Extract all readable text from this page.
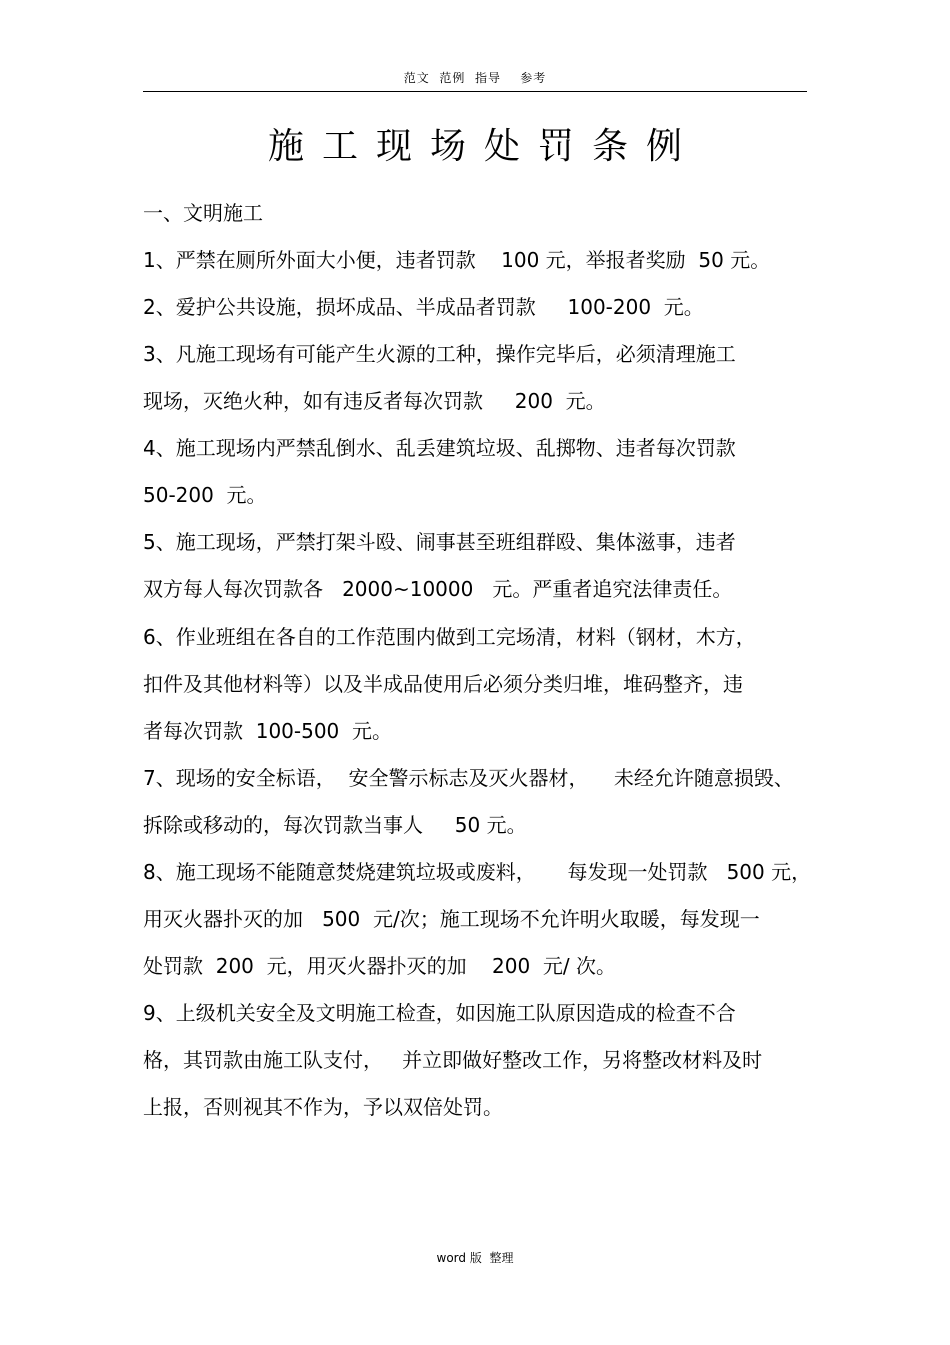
范文  范例  指导    参考
施工现场处罚条例
一、文明施工
1、严禁在厕所外面大小便，违者罚款    100 元，举报者奖励  50 元。
2、爱护公共设施，损坏成品、半成品者罚款     100-200  元。
3、凡施工现场有可能产生火源的工种，操作完毕后，必须清理施工
现场，灭绝火种，如有违反者每次罚款     200  元。
4、施工现场内严禁乱倒水、乱丢建筑垃圾、乱掷物、违者每次罚款
50-200  元。
5、施工现场，严禁打架斗殴、闹事甚至班组群殴、集体滋事，违者
双方每人每次罚款各   2000~10000   元。严重者追究法律责任。
6、作业班组在各自的工作范围内做到工完场清，材料（钢材，木方，
扣件及其他材料等）以及半成品使用后必须分类归堆，堆码整齐，违
者每次罚款  100-500  元。
7、现场的安全标语，  安全警示标志及灭火器材，    未经允许随意损毁、
拆除或移动的，每次罚款当事人     50 元。
8、施工现场不能随意焚烧建筑垃圾或废料，     每发现一处罚款   500 元，
用灭火器扑灭的加   500  元/次；施工现场不允许明火取暖，每发现一
处罚款  200  元，用灭火器扑灭的加    200  元/ 次。
9、上级机关安全及文明施工检查，如因施工队原因造成的检查不合
格，其罚款由施工队支付，   并立即做好整改工作，另将整改材料及时
上报，否则视其不作为，予以双倍处罚。
word 版  整理
